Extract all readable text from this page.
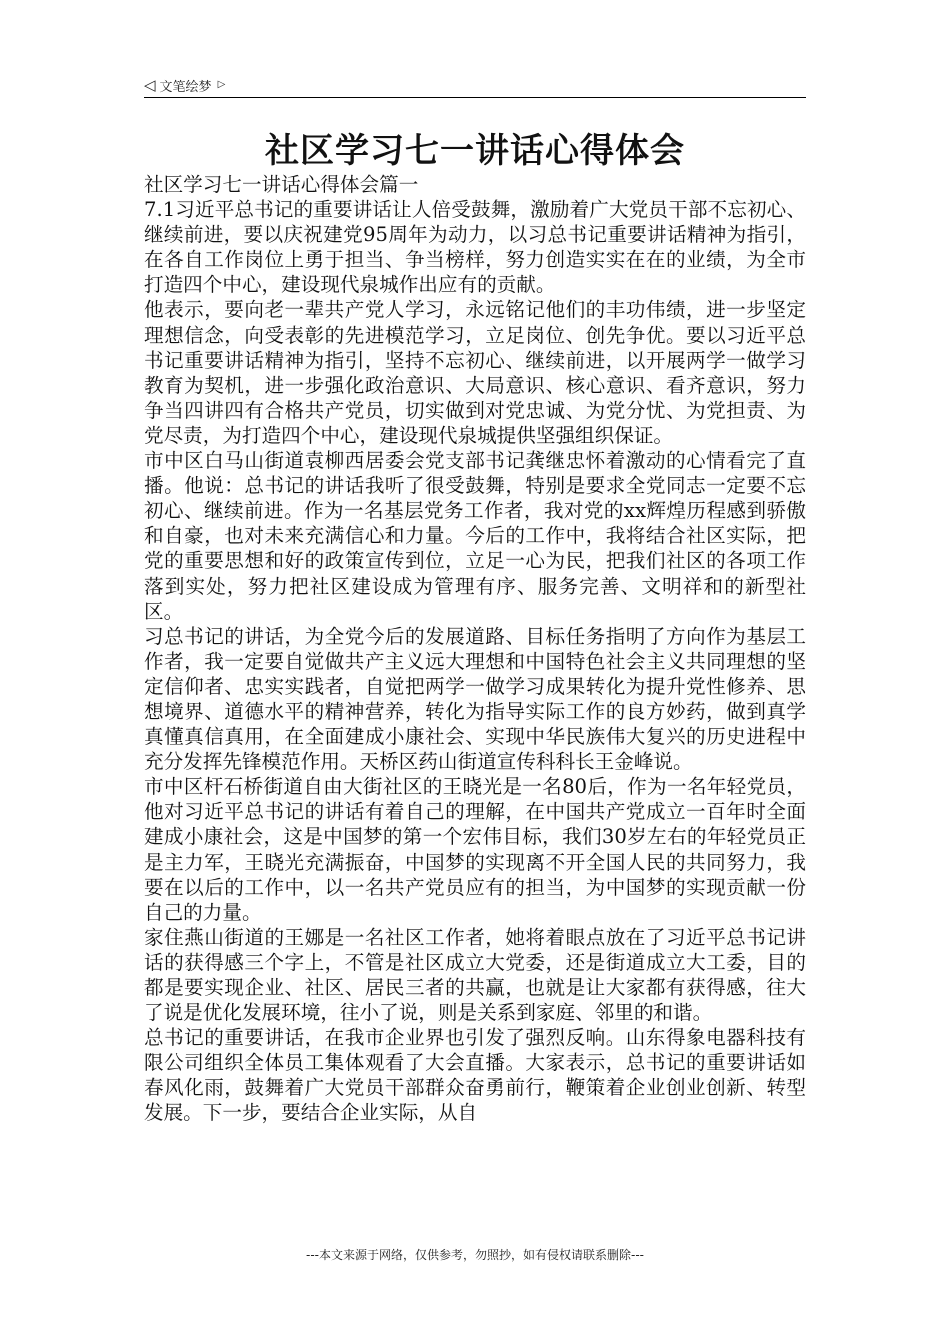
◁ 文笔绘梦 ▷
社区学习七一讲话心得体会

社区学习七一讲话心得体会篇一

7.1习近平总书记的重要讲话让人倍受鼓舞，激励着广大党员干部不忘初心、继续前进，要以庆祝建党95周年为动力，以习总书记重要讲话精神为指引，在各自工作岗位上勇于担当、争当榜样，努力创造实实在在的业绩，为全市打造四个中心，建设现代泉城作出应有的贡献。

他表示，要向老一辈共产党人学习，永远铭记他们的丰功伟绩，进一步坚定理想信念，向受表彰的先进模范学习，立足岗位、创先争优。要以习近平总书记重要讲话精神为指引，坚持不忘初心、继续前进，以开展两学一做学习教育为契机，进一步强化政治意识、大局意识、核心意识、看齐意识，努力争当四讲四有合格共产党员，切实做到对党忠诚、为党分忧、为党担责、为党尽责，为打造四个中心，建设现代泉城提供坚强组织保证。

市中区白马山街道袁柳西居委会党支部书记龚继忠怀着激动的心情看完了直播。他说：总书记的讲话我听了很受鼓舞，特别是要求全党同志一定要不忘初心、继续前进。作为一名基层党务工作者，我对党的xx辉煌历程感到骄傲和自豪，也对未来充满信心和力量。今后的工作中，我将结合社区实际，把党的重要思想和好的政策宣传到位，立足一心为民，把我们社区的各项工作落到实处，努力把社区建设成为管理有序、服务完善、文明祥和的新型社区。

习总书记的讲话，为全党今后的发展道路、目标任务指明了方向作为基层工作者，我一定要自觉做共产主义远大理想和中国特色社会主义共同理想的坚定信仰者、忠实实践者，自觉把两学一做学习成果转化为提升党性修养、思想境界、道德水平的精神营养，转化为指导实际工作的良方妙药，做到真学真懂真信真用，在全面建成小康社会、实现中华民族伟大复兴的历史进程中充分发挥先锋模范作用。天桥区药山街道宣传科科长王金峰说。

市中区杆石桥街道自由大街社区的王晓光是一名80后，作为一名年轻党员，他对习近平总书记的讲话有着自己的理解，在中国共产党成立一百年时全面建成小康社会，这是中国梦的第一个宏伟目标，我们30岁左右的年轻党员正是主力军，王晓光充满振奋，中国梦的实现离不开全国人民的共同努力，我要在以后的工作中，以一名共产党员应有的担当，为中国梦的实现贡献一份自己的力量。

家住燕山街道的王娜是一名社区工作者，她将着眼点放在了习近平总书记讲话的获得感三个字上，不管是社区成立大党委，还是街道成立大工委，目的都是要实现企业、社区、居民三者的共赢，也就是让大家都有获得感，往大了说是优化发展环境，往小了说，则是关系到家庭、邻里的和谐。

总书记的重要讲话，在我市企业界也引发了强烈反响。山东得象电器科技有限公司组织全体员工集体观看了大会直播。大家表示，总书记的重要讲话如春风化雨，鼓舞着广大党员干部群众奋勇前行，鞭策着企业创业创新、转型发展。下一步，要结合企业实际，从自

---本文来源于网络，仅供参考，勿照抄，如有侵权请联系删除---
